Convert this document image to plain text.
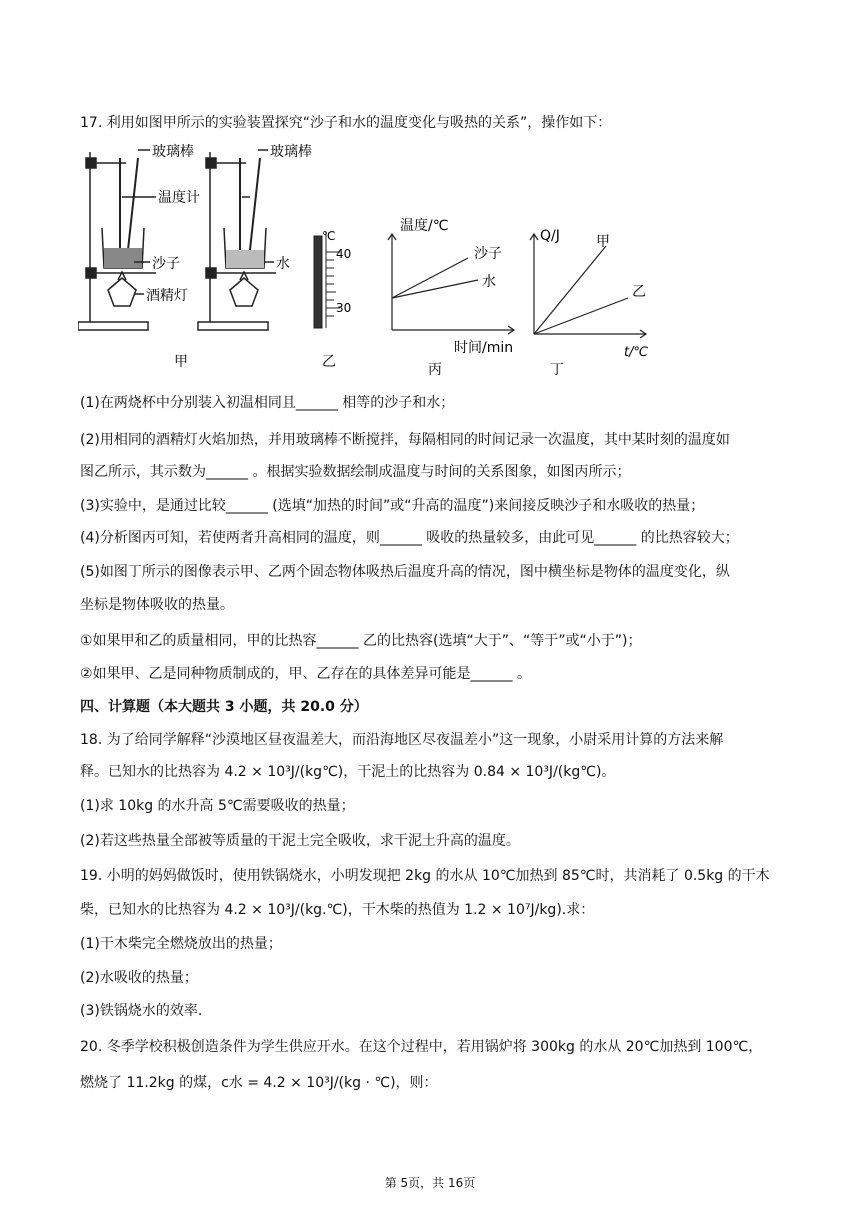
17. 利用如图甲所示的实验装置探究“沙子和水的温度变化与吸热的关系”，操作如下：
玻璃棒	玻璃棒
温度计
沙子	水
酒精灯
甲
℃
40
30
乙
温度/℃
时间/min
沙子
水
丙
Q/J
t/℃
甲
乙
丁
(1)在两烧杯中分别装入初温相同且______ 相等的沙子和水；
(2)用相同的酒精灯火焰加热，并用玻璃棒不断搅拌，每隔相同的时间记录一次温度，其中某时刻的温度如
图乙所示，其示数为______ 。根据实验数据绘制成温度与时间的关系图象，如图丙所示；
(3)实验中，是通过比较______ (选填“加热的时间”或“升高的温度”)来间接反映沙子和水吸收的热量；
(4)分析图丙可知，若使两者升高相同的温度，则______ 吸收的热量较多，由此可见______ 的比热容较大；
(5)如图丁所示的图像表示甲、乙两个固态物体吸热后温度升高的情况，图中横坐标是物体的温度变化，纵
坐标是物体吸收的热量。
①如果甲和乙的质量相同，甲的比热容______ 乙的比热容(选填“大于”、“等于”或“小于”)；
②如果甲、乙是同种物质制成的，甲、乙存在的具体差异可能是______ 。
四、计算题（本大题共 3 小题，共 20.0 分）
18. 为了给同学解释“沙漠地区昼夜温差大，而沿海地区尽夜温差小”这一现象，小尉采用计算的方法来解
释。已知水的比热容为 4.2 × 10³J/(kg℃)，干泥土的比热容为 0.84 × 10³J/(kg℃)。
(1)求 10kg 的水升高 5℃需要吸收的热量；
(2)若这些热量全部被等质量的干泥土完全吸收，求干泥土升高的温度。
19. 小明的妈妈做饭时，使用铁锅烧水，小明发现把 2kg 的水从 10℃加热到 85℃时，共消耗了 0.5kg 的干木
柴，已知水的比热容为 4.2 × 10³J/(kg.℃)，干木柴的热值为 1.2 × 10⁷J/kg).求：
(1)干木柴完全燃烧放出的热量；
(2)水吸收的热量；
(3)铁锅烧水的效率.
20. 冬季学校积极创造条件为学生供应开水。在这个过程中，若用锅炉将 300kg 的水从 20℃加热到 100℃，
燃烧了 11.2kg 的煤，c水 = 4.2 × 10³J/(kg · ℃)，则：
第 5页，共 16页
